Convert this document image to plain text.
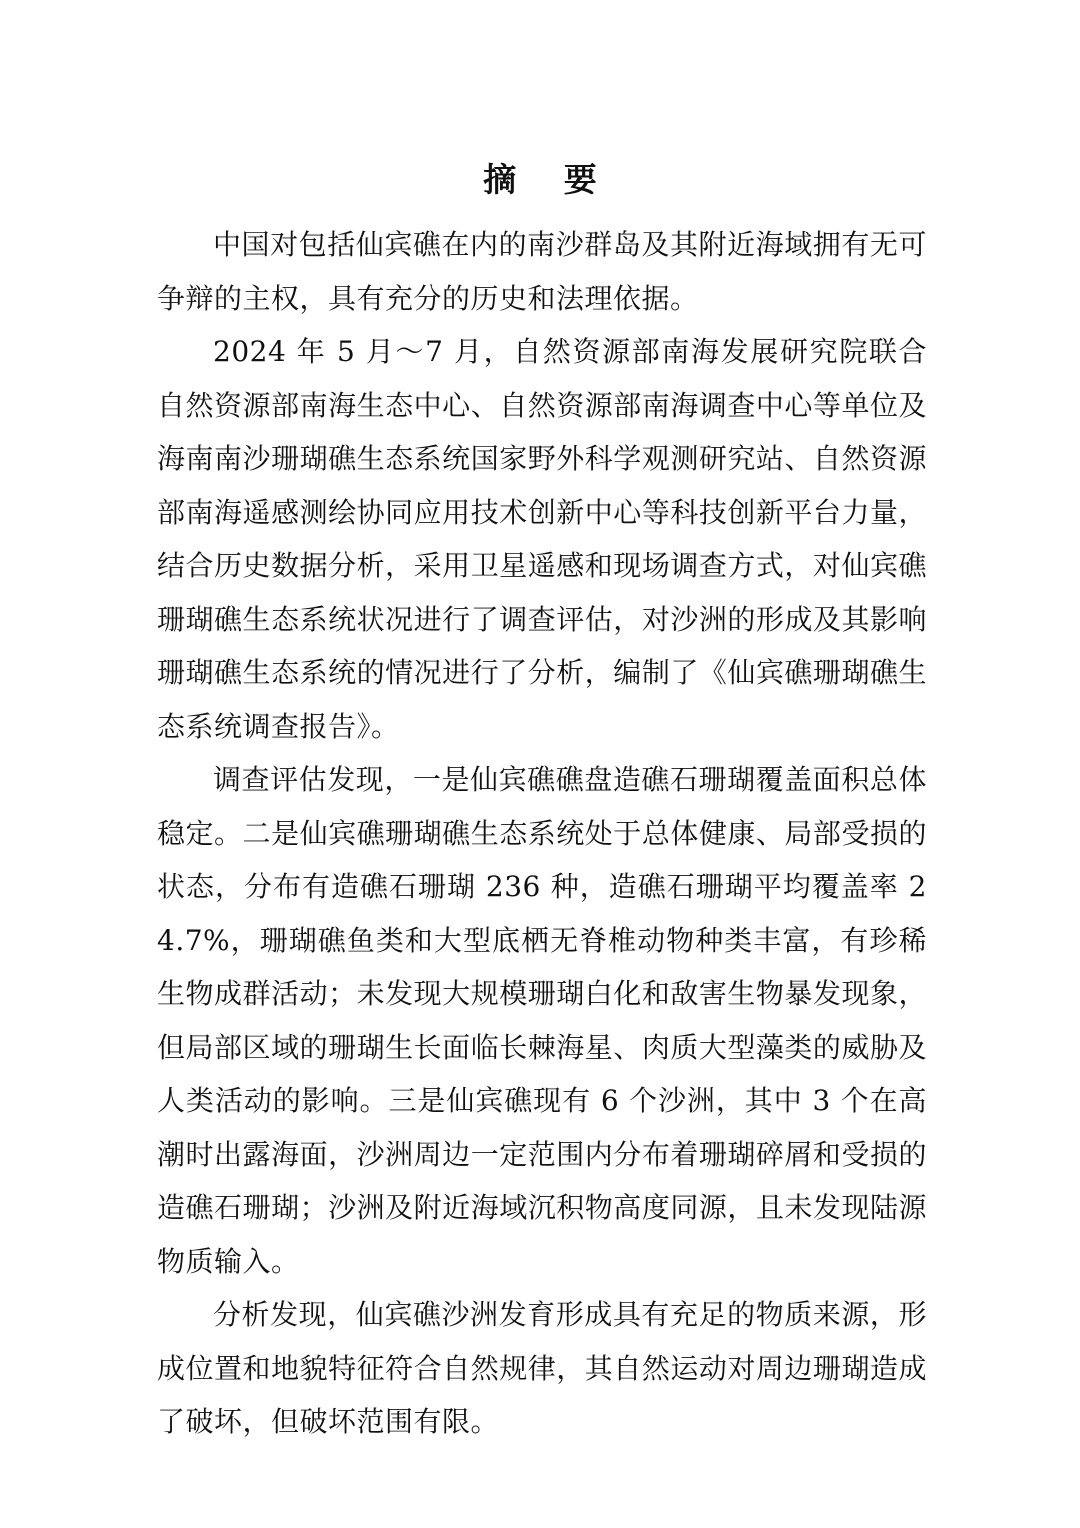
摘 要

中国对包括仙宾礁在内的南沙群岛及其附近海域拥有无可争辩的主权，具有充分的历史和法理依据。

2024 年 5 月～7 月，自然资源部南海发展研究院联合自然资源部南海生态中心、自然资源部南海调查中心等单位及海南南沙珊瑚礁生态系统国家野外科学观测研究站、自然资源部南海遥感测绘协同应用技术创新中心等科技创新平台力量，结合历史数据分析，采用卫星遥感和现场调查方式，对仙宾礁珊瑚礁生态系统状况进行了调查评估，对沙洲的形成及其影响珊瑚礁生态系统的情况进行了分析，编制了《仙宾礁珊瑚礁生态系统调查报告》。

调查评估发现，一是仙宾礁礁盘造礁石珊瑚覆盖面积总体稳定。二是仙宾礁珊瑚礁生态系统处于总体健康、局部受损的状态，分布有造礁石珊瑚 236 种，造礁石珊瑚平均覆盖率 24.7%，珊瑚礁鱼类和大型底栖无脊椎动物种类丰富，有珍稀生物成群活动；未发现大规模珊瑚白化和敌害生物暴发现象，但局部区域的珊瑚生长面临长棘海星、肉质大型藻类的威胁及人类活动的影响。三是仙宾礁现有 6 个沙洲，其中 3 个在高潮时出露海面，沙洲周边一定范围内分布着珊瑚碎屑和受损的造礁石珊瑚；沙洲及附近海域沉积物高度同源，且未发现陆源物质输入。

分析发现，仙宾礁沙洲发育形成具有充足的物质来源，形成位置和地貌特征符合自然规律，其自然运动对周边珊瑚造成了破坏，但破坏范围有限。
